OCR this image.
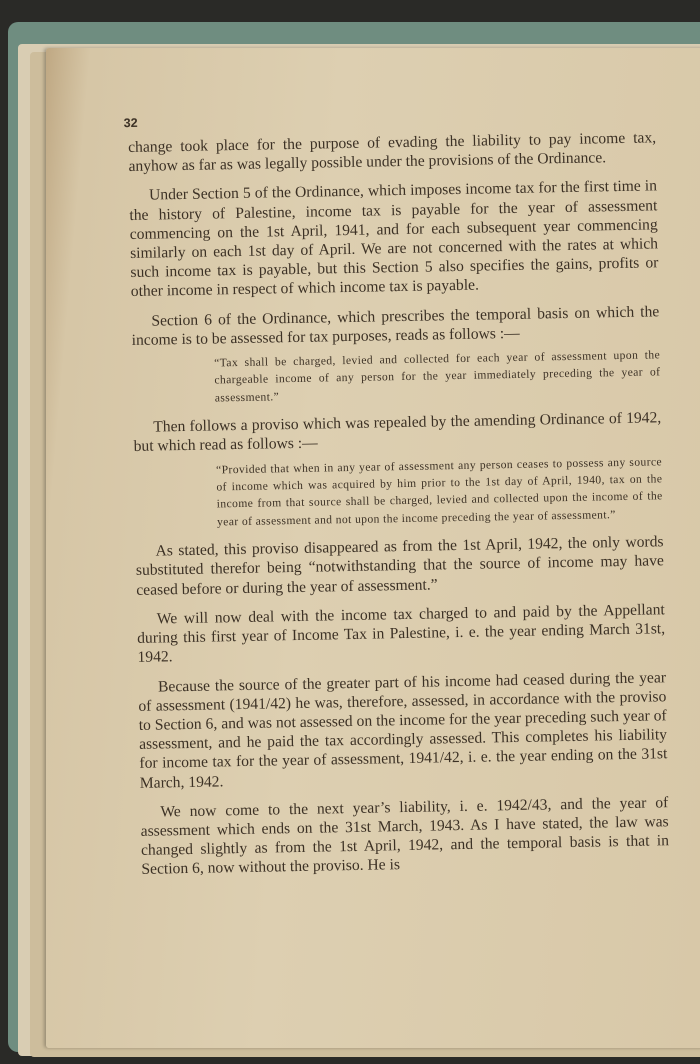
32

change took place for the purpose of evading the liability to pay income tax, anyhow as far as was legally possible under the provisions of the Ordinance.

Under Section 5 of the Ordinance, which imposes income tax for the first time in the history of Palestine, income tax is payable for the year of assessment commencing on the 1st April, 1941, and for each subsequent year commencing similarly on each 1st day of April. We are not concerned with the rates at which such income tax is payable, but this Section 5 also specifies the gains, profits or other income in respect of which income tax is payable.

Section 6 of the Ordinance, which prescribes the temporal basis on which the income is to be assessed for tax purposes, reads as follows :—

“Tax shall be charged, levied and collected for each year of assessment upon the chargeable income of any person for the year immediately preceding the year of assessment.”

Then follows a proviso which was repealed by the amending Ordinance of 1942, but which read as follows :—

“Provided that when in any year of assessment any person ceases to possess any source of income which was acquired by him prior to the 1st day of April, 1940, tax on the income from that source shall be charged, levied and collected upon the income of the year of assessment and not upon the income preceding the year of assessment.”

As stated, this proviso disappeared as from the 1st April, 1942, the only words substituted therefor being “notwithstanding that the source of income may have ceased before or during the year of assessment.”

We will now deal with the income tax charged to and paid by the Appellant during this first year of Income Tax in Palestine, i. e. the year ending March 31st, 1942.

Because the source of the greater part of his income had ceased during the year of assessment (1941/42) he was, therefore, assessed, in accordance with the proviso to Section 6, and was not assessed on the income for the year preceding such year of assessment, and he paid the tax accordingly assessed. This completes his liability for income tax for the year of assessment, 1941/42, i. e. the year ending on the 31st March, 1942.

We now come to the next year’s liability, i. e. 1942/43, and the year of assessment which ends on the 31st March, 1943. As I have stated, the law was changed slightly as from the 1st April, 1942, and the temporal basis is that in Section 6, now without the proviso. He is
